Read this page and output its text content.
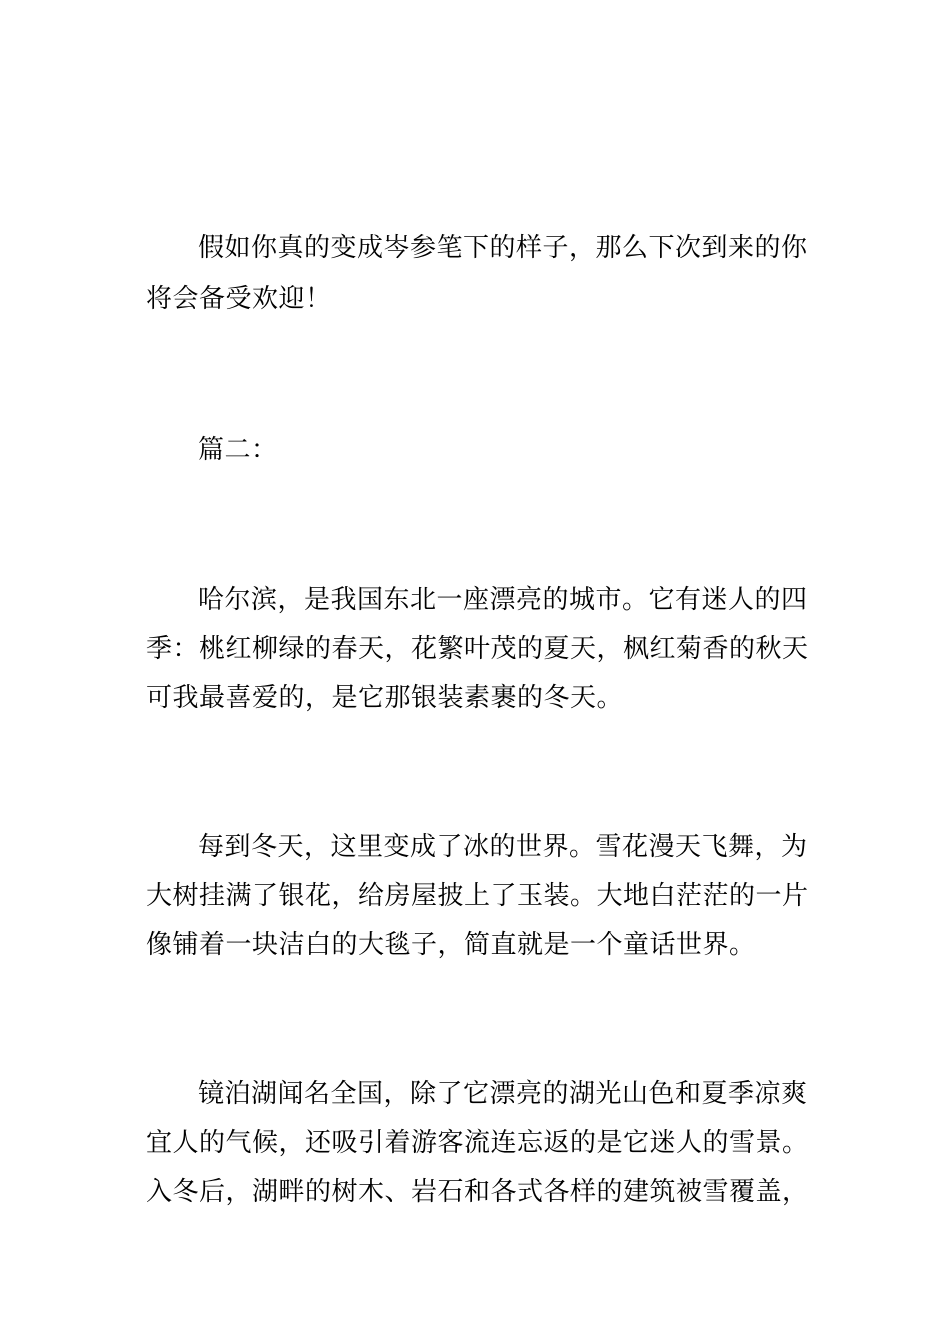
假如你真的变成岑参笔下的样子，那么下次到来的你
将会备受欢迎！
篇二：
哈尔滨，是我国东北一座漂亮的城市。它有迷人的四
季：桃红柳绿的春天，花繁叶茂的夏天，枫红菊香的秋天
可我最喜爱的，是它那银装素裹的冬天。
每到冬天，这里变成了冰的世界。雪花漫天飞舞，为
大树挂满了银花，给房屋披上了玉装。大地白茫茫的一片
像铺着一块洁白的大毯子，简直就是一个童话世界。
镜泊湖闻名全国，除了它漂亮的湖光山色和夏季凉爽
宜人的气候，还吸引着游客流连忘返的是它迷人的雪景。
入冬后，湖畔的树木、岩石和各式各样的建筑被雪覆盖，
